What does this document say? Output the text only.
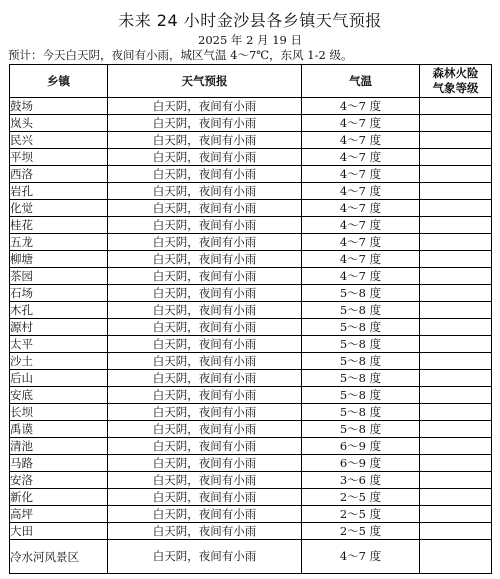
未来 24 小时金沙县各乡镇天气预报
2025 年 2 月 19 日
预计：今天白天阴，夜间有小雨，城区气温 4～7℃，东风 1-2 级。
乡镇	天气预报	气温	森林火险
气象等级
鼓场	白天阴，夜间有小雨	4～7 度	
岚头	白天阴，夜间有小雨	4～7 度	
民兴	白天阴，夜间有小雨	4～7 度	
平坝	白天阴，夜间有小雨	4～7 度	
西洛	白天阴，夜间有小雨	4～7 度	
岩孔	白天阴，夜间有小雨	4～7 度	
化觉	白天阴，夜间有小雨	4～7 度	
桂花	白天阴，夜间有小雨	4～7 度	
五龙	白天阴，夜间有小雨	4～7 度	
柳塘	白天阴，夜间有小雨	4～7 度	
茶园	白天阴，夜间有小雨	4～7 度	
石场	白天阴，夜间有小雨	5～8 度	
木孔	白天阴，夜间有小雨	5～8 度	
源村	白天阴，夜间有小雨	5～8 度	
太平	白天阴，夜间有小雨	5～8 度	
沙土	白天阴，夜间有小雨	5～8 度	
后山	白天阴，夜间有小雨	5～8 度	
安底	白天阴，夜间有小雨	5～8 度	
长坝	白天阴，夜间有小雨	5～8 度	
禹谟	白天阴，夜间有小雨	5～8 度	
清池	白天阴，夜间有小雨	6～9 度	
马路	白天阴，夜间有小雨	6～9 度	
安洛	白天阴，夜间有小雨	3～6 度	
新化	白天阴，夜间有小雨	2～5 度	
高坪	白天阴，夜间有小雨	2～5 度	
大田	白天阴，夜间有小雨	2～5 度	
冷水河风景区	白天阴，夜间有小雨	4～7 度	
